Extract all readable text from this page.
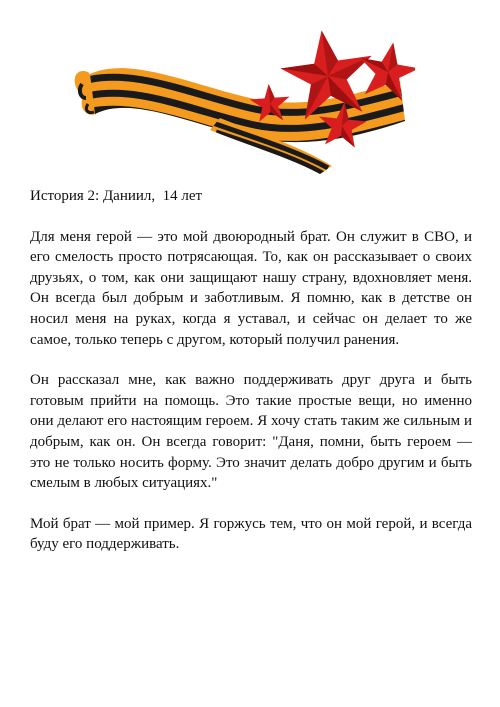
История 2: Даниил,  14 лет

Для меня герой — это мой двоюродный брат. Он служит в СВО, и его смелость просто потрясающая. То, как он рассказывает о своих друзьях, о том, как они защищают нашу страну, вдохновляет меня. Он всегда был добрым и заботливым. Я помню, как в детстве он носил меня на руках, когда я уставал, и сейчас он делает то же самое, только теперь с другом, который получил ранения.

Он рассказал мне, как важно поддерживать друг друга и быть готовым прийти на помощь. Это такие простые вещи, но именно они делают его настоящим героем. Я хочу стать таким же сильным и добрым, как он. Он всегда говорит: "Даня, помни, быть героем — это не только носить форму. Это значит делать добро другим и быть смелым в любых ситуациях."

Мой брат — мой пример. Я горжусь тем, что он мой герой, и всегда буду его поддерживать.
